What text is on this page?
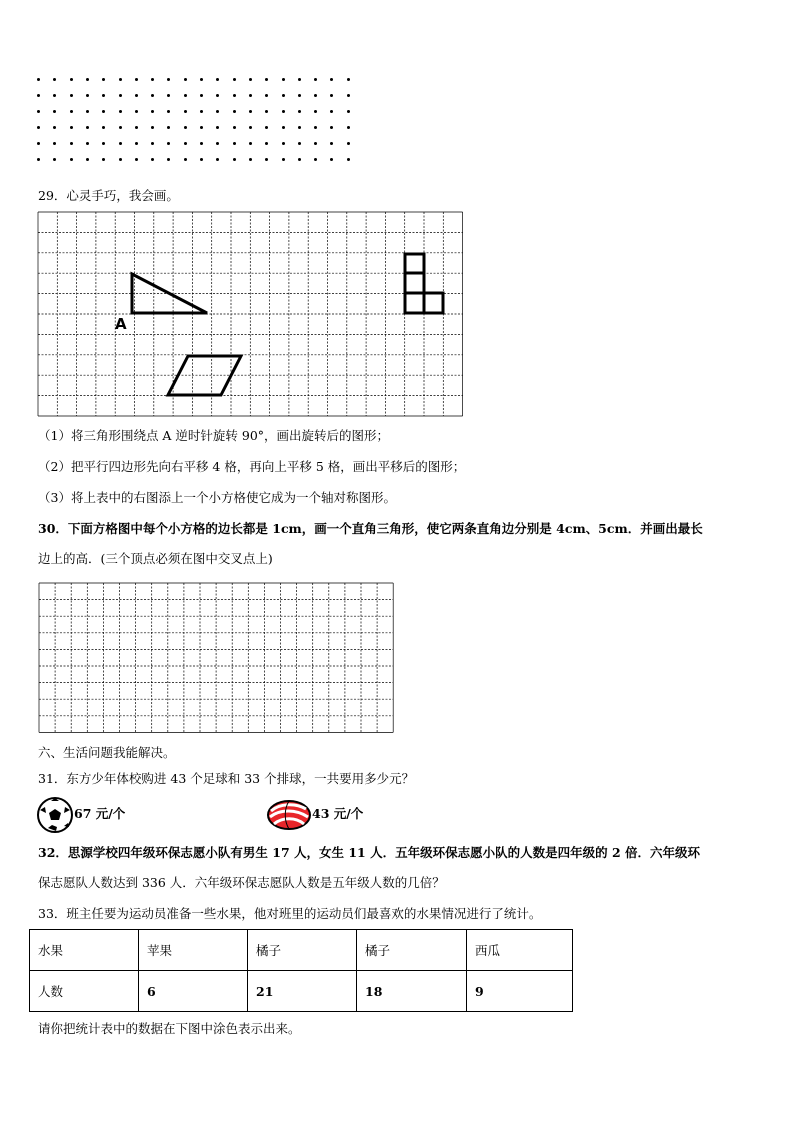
29．心灵手巧，我会画。
A
（1）将三角形围绕点 A 逆时针旋转 90°，画出旋转后的图形；
（2）把平行四边形先向右平移 4 格，再向上平移 5 格，画出平移后的图形；
（3）将上表中的右图添上一个小方格使它成为一个轴对称图形。
30．下面方格图中每个小方格的边长都是 1cm，画一个直角三角形，使它两条直角边分别是 4cm、5cm．并画出最长
边上的高．(三个顶点必须在图中交叉点上)
六、生活问题我能解决。
31．东方少年体校购进 43 个足球和 33 个排球，一共要用多少元？
67 元/个	43 元/个
32．思源学校四年级环保志愿小队有男生 17 人，女生 11 人．五年级环保志愿小队的人数是四年级的 2 倍．六年级环
保志愿队人数达到 336 人．六年级环保志愿队人数是五年级人数的几倍？
33．班主任要为运动员准备一些水果，他对班里的运动员们最喜欢的水果情况进行了统计。
水果	苹果	橘子	橘子	西瓜
人数	6	21	18	9
请你把统计表中的数据在下图中涂色表示出来。
